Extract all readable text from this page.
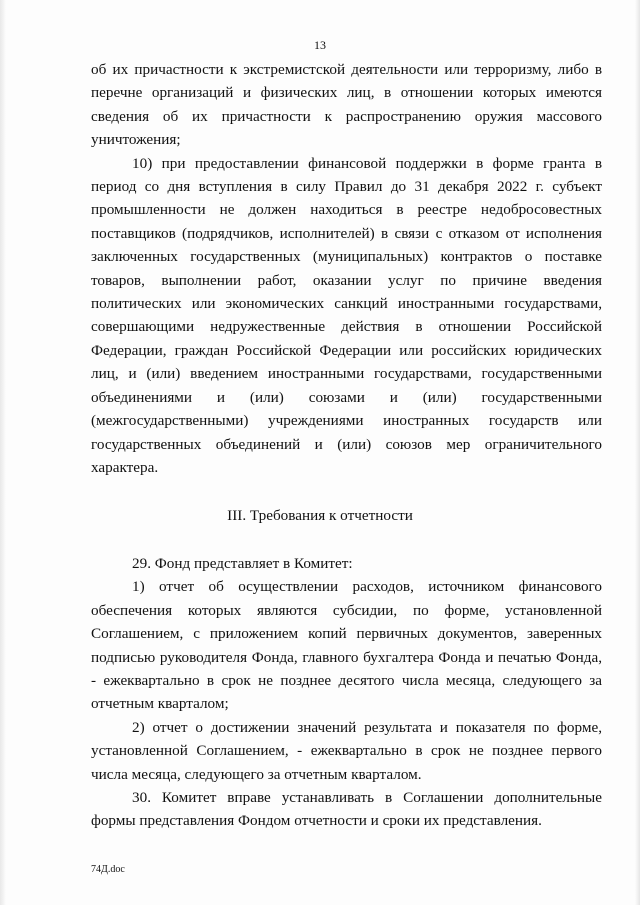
13

об их причастности к экстремистской деятельности или терроризму, либо в перечне организаций и физических лиц, в отношении которых имеются сведения об их причастности к распространению оружия массового уничтожения;

10) при предоставлении финансовой поддержки в форме гранта в период со дня вступления в силу Правил до 31 декабря 2022 г. субъект промышленности не должен находиться в реестре недобросовестных поставщиков (подрядчиков, исполнителей) в связи с отказом от исполнения заключенных государственных (муниципальных) контрактов о поставке товаров, выполнении работ, оказании услуг по причине введения политических или экономических санкций иностранными государствами, совершающими недружественные действия в отношении Российской Федерации, граждан Российской Федерации или российских юридических лиц, и (или) введением иностранными государствами, государственными объединениями и (или) союзами и (или) государственными (межгосударственными) учреждениями иностранных государств или государственных объединений и (или) союзов мер ограничительного характера.

III. Требования к отчетности

29. Фонд представляет в Комитет:

1) отчет об осуществлении расходов, источником финансового обеспечения которых являются субсидии, по форме, установленной Соглашением, с приложением копий первичных документов, заверенных подписью руководителя Фонда, главного бухгалтера Фонда и печатью Фонда, - ежеквартально в срок не позднее десятого числа месяца, следующего за отчетным кварталом;

2) отчет о достижении значений результата и показателя по форме, установленной Соглашением, - ежеквартально в срок не позднее первого числа месяца, следующего за отчетным кварталом.

30. Комитет вправе устанавливать в Соглашении дополнительные формы представления Фондом отчетности и сроки их представления.

74Д.doc
